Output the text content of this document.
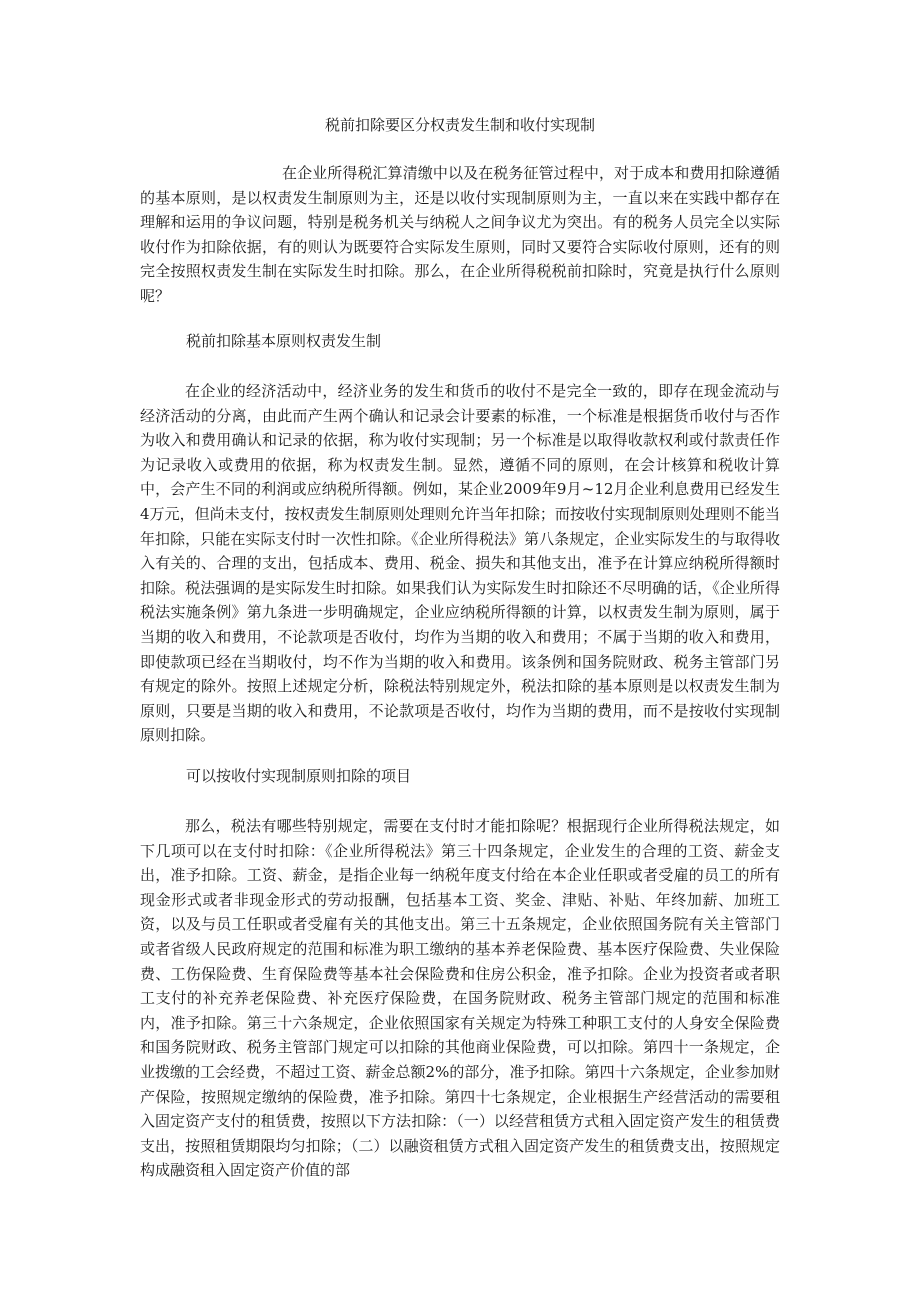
税前扣除要区分权责发生制和收付实现制

在企业所得税汇算清缴中以及在税务征管过程中，对于成本和费用扣除遵循的基本原则，是以权责发生制原则为主，还是以收付实现制原则为主，一直以来在实践中都存在理解和运用的争议问题，特别是税务机关与纳税人之间争议尤为突出。有的税务人员完全以实际收付作为扣除依据，有的则认为既要符合实际发生原则，同时又要符合实际收付原则，还有的则完全按照权责发生制在实际发生时扣除。那么，在企业所得税税前扣除时，究竟是执行什么原则呢？

税前扣除基本原则权责发生制

在企业的经济活动中，经济业务的发生和货币的收付不是完全一致的，即存在现金流动与经济活动的分离，由此而产生两个确认和记录会计要素的标准，一个标准是根据货币收付与否作为收入和费用确认和记录的依据，称为收付实现制；另一个标准是以取得收款权利或付款责任作为记录收入或费用的依据，称为权责发生制。显然，遵循不同的原则，在会计核算和税收计算中，会产生不同的利润或应纳税所得额。例如，某企业2009年9月~12月企业利息费用已经发生4万元，但尚未支付，按权责发生制原则处理则允许当年扣除；而按收付实现制原则处理则不能当年扣除，只能在实际支付时一次性扣除。《企业所得税法》第八条规定，企业实际发生的与取得收入有关的、合理的支出，包括成本、费用、税金、损失和其他支出，准予在计算应纳税所得额时扣除。税法强调的是实际发生时扣除。如果我们认为实际发生时扣除还不尽明确的话，《企业所得税法实施条例》第九条进一步明确规定，企业应纳税所得额的计算，以权责发生制为原则，属于当期的收入和费用，不论款项是否收付，均作为当期的收入和费用；不属于当期的收入和费用，即使款项已经在当期收付，均不作为当期的收入和费用。该条例和国务院财政、税务主管部门另有规定的除外。按照上述规定分析，除税法特别规定外，税法扣除的基本原则是以权责发生制为原则，只要是当期的收入和费用，不论款项是否收付，均作为当期的费用，而不是按收付实现制原则扣除。

可以按收付实现制原则扣除的项目

那么，税法有哪些特别规定，需要在支付时才能扣除呢？根据现行企业所得税法规定，如下几项可以在支付时扣除：《企业所得税法》第三十四条规定，企业发生的合理的工资、薪金支出，准予扣除。工资、薪金，是指企业每一纳税年度支付给在本企业任职或者受雇的员工的所有现金形式或者非现金形式的劳动报酬，包括基本工资、奖金、津贴、补贴、年终加薪、加班工资，以及与员工任职或者受雇有关的其他支出。第三十五条规定，企业依照国务院有关主管部门或者省级人民政府规定的范围和标准为职工缴纳的基本养老保险费、基本医疗保险费、失业保险费、工伤保险费、生育保险费等基本社会保险费和住房公积金，准予扣除。企业为投资者或者职工支付的补充养老保险费、补充医疗保险费，在国务院财政、税务主管部门规定的范围和标准内，准予扣除。第三十六条规定，企业依照国家有关规定为特殊工种职工支付的人身安全保险费和国务院财政、税务主管部门规定可以扣除的其他商业保险费，可以扣除。第四十一条规定，企业拨缴的工会经费，不超过工资、薪金总额2%的部分，准予扣除。第四十六条规定，企业参加财产保险，按照规定缴纳的保险费，准予扣除。第四十七条规定，企业根据生产经营活动的需要租入固定资产支付的租赁费，按照以下方法扣除：（一）以经营租赁方式租入固定资产发生的租赁费支出，按照租赁期限均匀扣除；（二）以融资租赁方式租入固定资产发生的租赁费支出，按照规定构成融资租入固定资产价值的部
